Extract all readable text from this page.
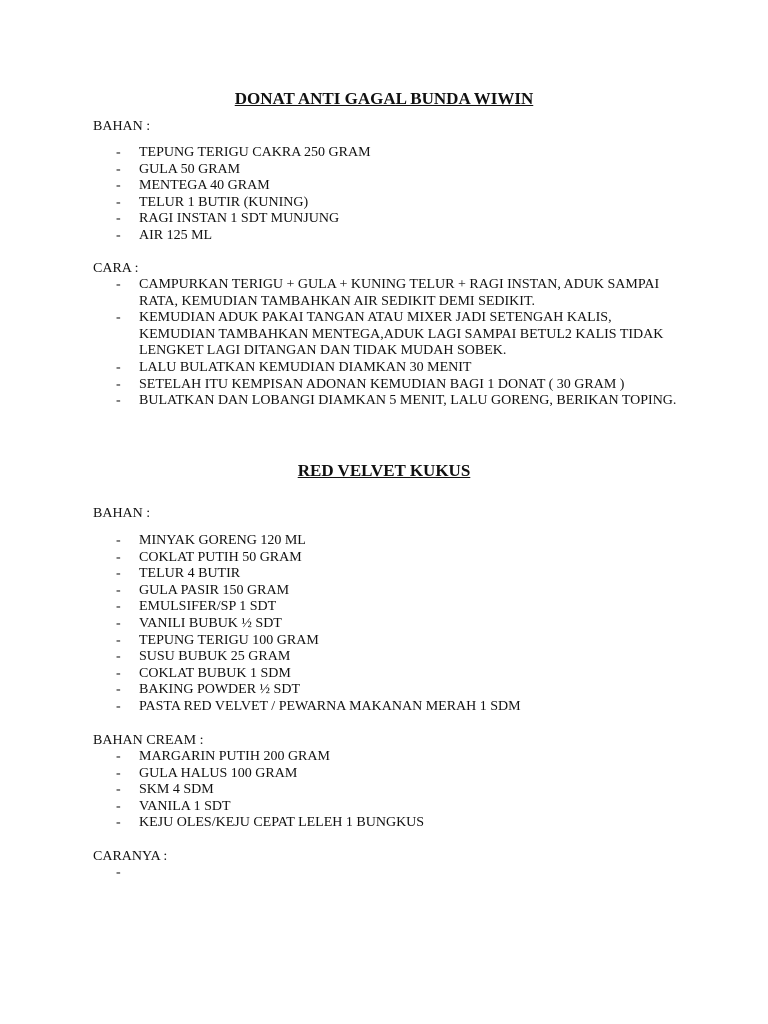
DONAT ANTI GAGAL BUNDA WIWIN

BAHAN :

- TEPUNG TERIGU CAKRA 250 GRAM
- GULA 50 GRAM
- MENTEGA 40 GRAM
- TELUR 1 BUTIR (KUNING)
- RAGI INSTAN 1 SDT MUNJUNG
- AIR 125 ML

CARA :

- CAMPURKAN TERIGU + GULA + KUNING TELUR + RAGI INSTAN, ADUK SAMPAI RATA, KEMUDIAN TAMBAHKAN AIR SEDIKIT DEMI SEDIKIT.
- KEMUDIAN ADUK PAKAI TANGAN ATAU MIXER JADI SETENGAH KALIS, KEMUDIAN TAMBAHKAN MENTEGA,ADUK LAGI SAMPAI BETUL2 KALIS TIDAK LENGKET LAGI DITANGAN DAN TIDAK MUDAH SOBEK.
- LALU BULATKAN KEMUDIAN DIAMKAN 30 MENIT
- SETELAH ITU KEMPISAN ADONAN KEMUDIAN BAGI 1 DONAT ( 30 GRAM )
- BULATKAN DAN LOBANGI DIAMKAN 5 MENIT, LALU GORENG, BERIKAN TOPING.
RED VELVET KUKUS

BAHAN :

- MINYAK GORENG 120 ML
- COKLAT PUTIH 50 GRAM
- TELUR 4 BUTIR
- GULA PASIR 150 GRAM
- EMULSIFER/SP 1 SDT
- VANILI BUBUK ½ SDT
- TEPUNG TERIGU 100 GRAM
- SUSU BUBUK 25 GRAM
- COKLAT BUBUK 1 SDM
- BAKING POWDER ½ SDT
- PASTA RED VELVET / PEWARNA MAKANAN MERAH 1 SDM

BAHAN CREAM :

- MARGARIN PUTIH 200 GRAM
- GULA HALUS 100 GRAM
- SKM 4 SDM
- VANILA 1 SDT
- KEJU OLES/KEJU CEPAT LELEH 1 BUNGKUS

CARANYA :

-
